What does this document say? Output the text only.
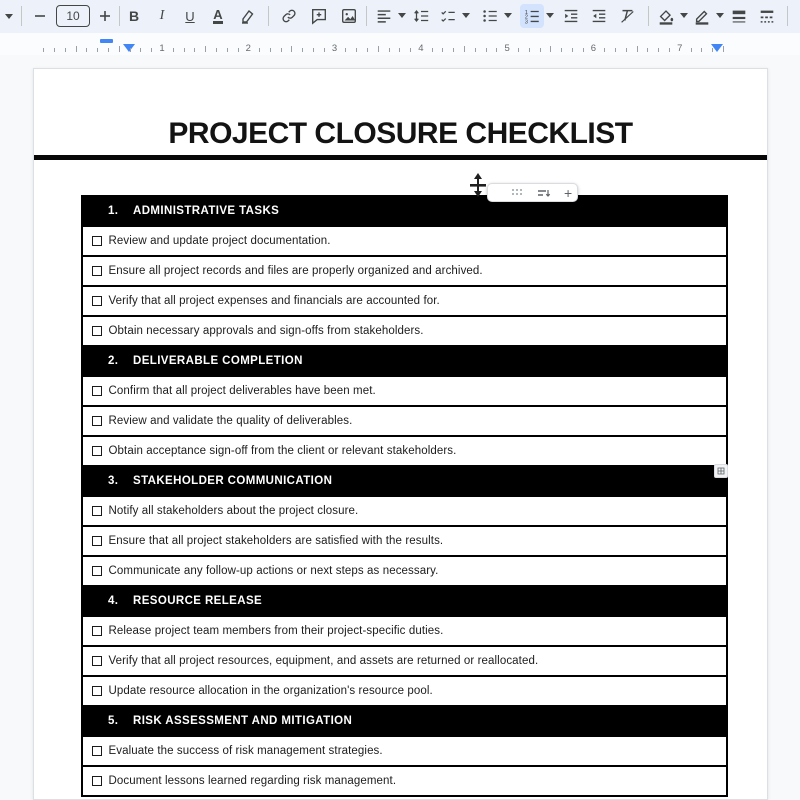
10	B I U A	1
2
3
1	2	3	4	5	6	7
PROJECT CLOSURE CHECKLIST
1.	ADMINISTRATIVE TASKS
Review and update project documentation.
Ensure all project records and files are properly organized and archived.
Verify that all project expenses and financials are accounted for.
Obtain necessary approvals and sign-offs from stakeholders.
2.	DELIVERABLE COMPLETION
Confirm that all project deliverables have been met.
Review and validate the quality of deliverables.
Obtain acceptance sign-off from the client or relevant stakeholders.
3.	STAKEHOLDER COMMUNICATION
Notify all stakeholders about the project closure.
Ensure that all project stakeholders are satisfied with the results.
Communicate any follow-up actions or next steps as necessary.
4.	RESOURCE RELEASE
Release project team members from their project-specific duties.
Verify that all project resources, equipment, and assets are returned or reallocated.
Update resource allocation in the organization's resource pool.
5.	RISK ASSESSMENT AND MITIGATION
Evaluate the success of risk management strategies.
Document lessons learned regarding risk management.
+
